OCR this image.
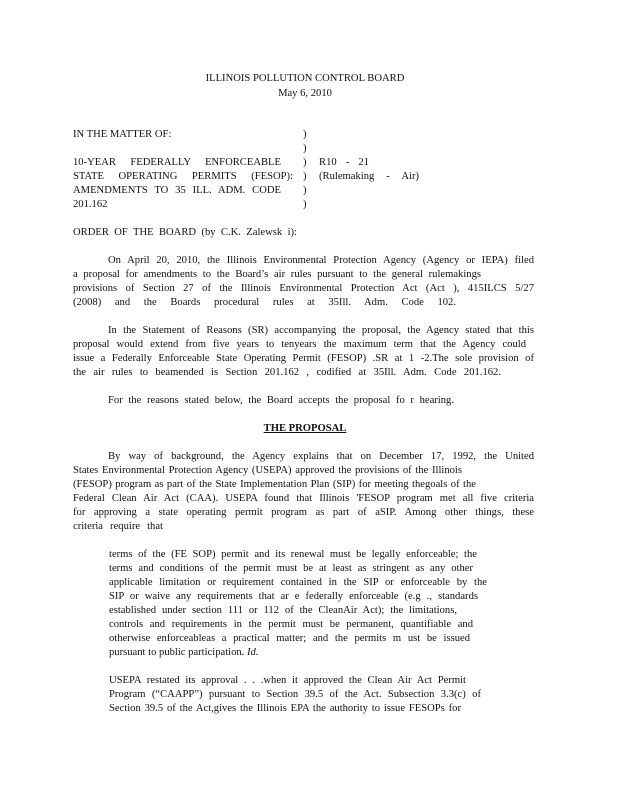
ILLINOIS POLLUTION CONTROL BOARD
May 6, 2010
IN THE MATTER OF:
10-YEAR FEDERALLY ENFORCEABLE
STATE OPERATING PERMITS (FESOP):
AMENDMENTS TO 35 ILL. ADM. CODE
201.162
)
)
)
)
)
)
R10 - 21
(Rulemaking - Air)
ORDER OF THE BOARD (by C.K. Zalewsk i):
On April 20, 2010, the Illinois Environmental Protection Agency (Agency or IEPA) filed
a proposal for amendments to the Board’s air rules pursuant to the general rulemakings
provisions of Section 27 of the Illinois Environmental Protection Act (Act ), 415ILCS 5/27
(2008) and the Boards procedural rules at 35Ill. Adm. Code 102.
In the Statement of Reasons (SR) accompanying the proposal, the Agency stated that this
proposal would extend from five years to tenyears the maximum term that the Agency could
issue a Federally Enforceable State Operating Permit (FESOP) .SR at 1 -2.The sole provision of
the air rules to beamended is Section 201.162 , codified at 35Ill. Adm. Code 201.162.
For the reasons stated below, the Board accepts the proposal fo r hearing.
THE PROPOSAL
By way of background, the Agency explains that on December 17, 1992, the United
States Environmental Protection Agency (USEPA) approved the provisions of the Illinois
(FESOP) program as part of the State Implementation Plan (SIP) for meeting thegoals of the
Federal Clean Air Act (CAA). USEPA found that Illinois 'FESOP program met all five criteria
for approving a state operating permit program as part of aSIP. Among other things, these
criteria require that
terms of the (FE SOP) permit and its renewal must be legally enforceable; the
terms and conditions of the permit must be at least as stringent as any other
applicable limitation or requirement contained in the SIP or enforceable by the
SIP or waive any requirements that ar e federally enforceable (e.g ., standards
established under section 111 or 112 of the CleanAir Act); the limitations,
controls and requirements in the permit must be permanent, quantifiable and
otherwise enforceableas a practical matter; and the permits m ust be issued
pursuant to public participation. Id.
USEPA restated its approval . . .when it approved the Clean Air Act Permit
Program (“CAAPP”) pursuant to Section 39.5 of the Act. Subsection 3.3(c) of
Section 39.5 of the Act,gives the Illinois EPA the authority to issue FESOPs for
